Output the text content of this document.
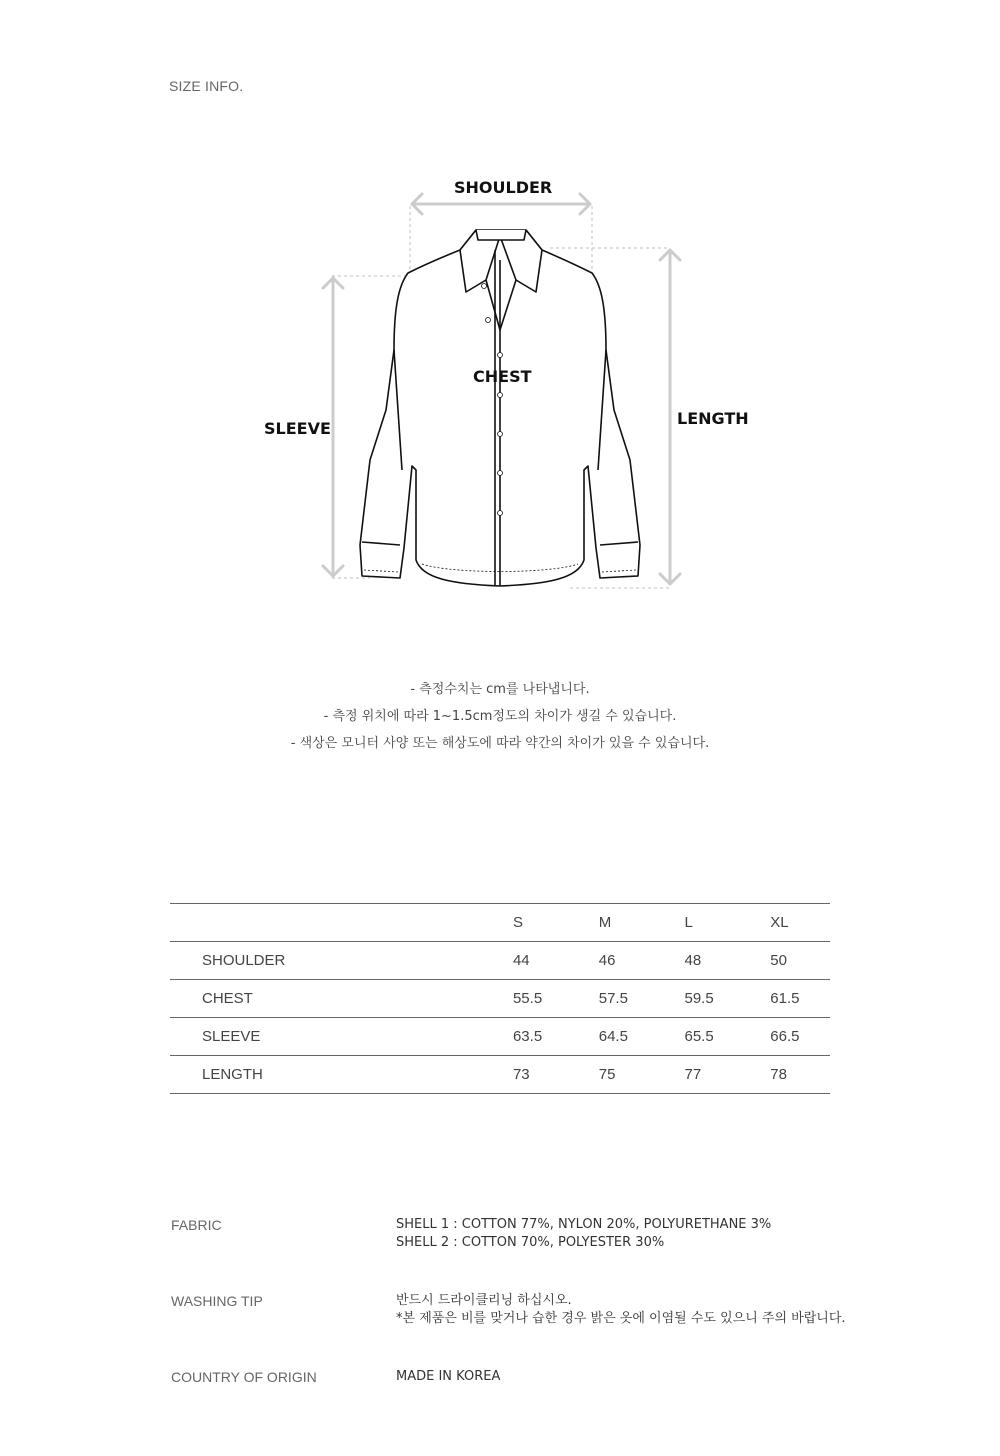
SIZE INFO.
SHOULDER
CHEST
SLEEVE
LENGTH
- 측정수치는 cm를 나타냅니다.
- 측정 위치에 따라 1~1.5cm정도의 차이가 생길 수 있습니다.
- 색상은 모니터 사양 또는 해상도에 따라 약간의 차이가 있을 수 있습니다.
	S	M	L	XL
SHOULDER	44	46	48	50
CHEST	55.5	57.5	59.5	61.5
SLEEVE	63.5	64.5	65.5	66.5
LENGTH	73	75	77	78
FABRIC	SHELL 1 : COTTON 77%, NYLON 20%, POLYURETHANE 3%
SHELL 2 : COTTON 70%, POLYESTER 30%
WASHING TIP	반드시 드라이클리닝 하십시오.
*본 제품은 비를 맞거나 습한 경우 밝은 옷에 이염될 수도 있으니 주의 바랍니다.
COUNTRY OF ORIGIN	MADE IN KOREA
